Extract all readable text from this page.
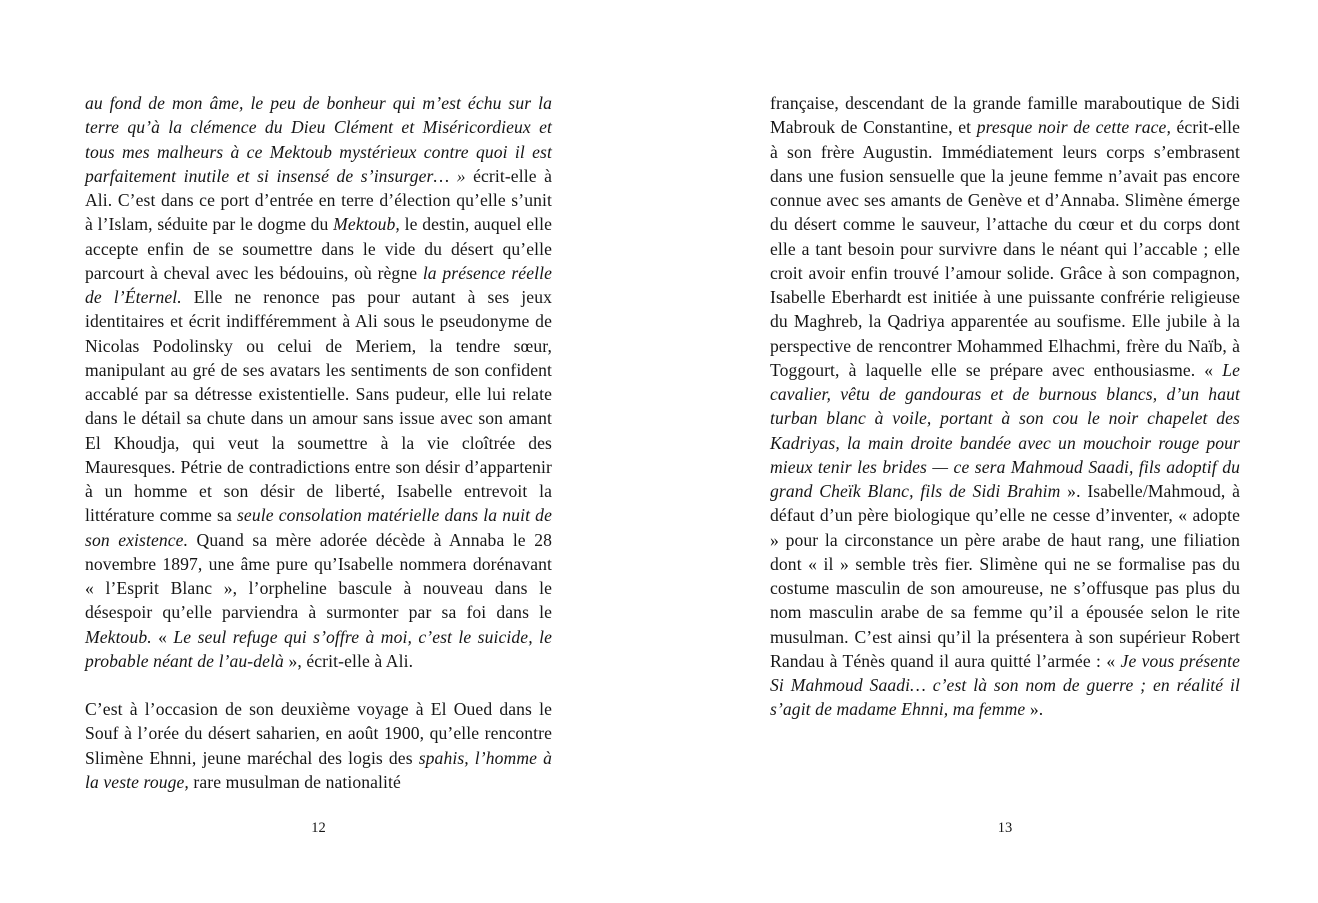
au fond de mon âme, le peu de bonheur qui m’est échu sur la terre qu’à la clémence du Dieu Clément et Miséricordieux et tous mes malheurs à ce Mektoub mystérieux contre quoi il est parfaitement inutile et si insensé de s’insurger… » écrit-elle à Ali. C’est dans ce port d’entrée en terre d’élection qu’elle s’unit à l’Islam, séduite par le dogme du Mektoub, le destin, auquel elle accepte enfin de se soumettre dans le vide du désert qu’elle parcourt à cheval avec les bédouins, où règne la présence réelle de l’Éternel. Elle ne renonce pas pour autant à ses jeux identitaires et écrit indifféremment à Ali sous le pseudonyme de Nicolas Podolinsky ou celui de Meriem, la tendre sœur, manipulant au gré de ses avatars les sentiments de son confident accablé par sa détresse existentielle. Sans pudeur, elle lui relate dans le détail sa chute dans un amour sans issue avec son amant El Khoudja, qui veut la soumettre à la vie cloîtrée des Mauresques. Pétrie de contradictions entre son désir d’appartenir à un homme et son désir de liberté, Isabelle entrevoit la littérature comme sa seule consolation matérielle dans la nuit de son existence. Quand sa mère adorée décède à Annaba le 28 novembre 1897, une âme pure qu’Isabelle nommera dorénavant « l’Esprit Blanc », l’orpheline bascule à nouveau dans le désespoir qu’elle parviendra à surmonter par sa foi dans le Mektoub. « Le seul refuge qui s’offre à moi, c’est le suicide, le probable néant de l’au-delà », écrit-elle à Ali.

C’est à l’occasion de son deuxième voyage à El Oued dans le Souf à l’orée du désert saharien, en août 1900, qu’elle rencontre Slimène Ehnni, jeune maréchal des logis des spahis, l’homme à la veste rouge, rare musulman de nationalité

12

française, descendant de la grande famille maraboutique de Sidi Mabrouk de Constantine, et presque noir de cette race, écrit-elle à son frère Augustin. Immédiatement leurs corps s’embrasent dans une fusion sensuelle que la jeune femme n’avait pas encore connue avec ses amants de Genève et d’Annaba. Slimène émerge du désert comme le sauveur, l’attache du cœur et du corps dont elle a tant besoin pour survivre dans le néant qui l’accable ; elle croit avoir enfin trouvé l’amour solide. Grâce à son compagnon, Isabelle Eberhardt est initiée à une puissante confrérie religieuse du Maghreb, la Qadriya apparentée au soufisme. Elle jubile à la perspective de rencontrer Mohammed Elhachmi, frère du Naïb, à Toggourt, à laquelle elle se prépare avec enthousiasme. « Le cavalier, vêtu de gandouras et de burnous blancs, d’un haut turban blanc à voile, portant à son cou le noir chapelet des Kadriyas, la main droite bandée avec un mouchoir rouge pour mieux tenir les brides — ce sera Mahmoud Saadi, fils adoptif du grand Cheïk Blanc, fils de Sidi Brahim ». Isabelle/Mahmoud, à défaut d’un père biologique qu’elle ne cesse d’inventer, « adopte » pour la circonstance un père arabe de haut rang, une filiation dont « il » semble très fier. Slimène qui ne se formalise pas du costume masculin de son amoureuse, ne s’offusque pas plus du nom masculin arabe de sa femme qu’il a épousée selon le rite musulman. C’est ainsi qu’il la présentera à son supérieur Robert Randau à Ténès quand il aura quitté l’armée : « Je vous présente Si Mahmoud Saadi… c’est là son nom de guerre ; en réalité il s’agit de madame Ehnni, ma femme ».

13
